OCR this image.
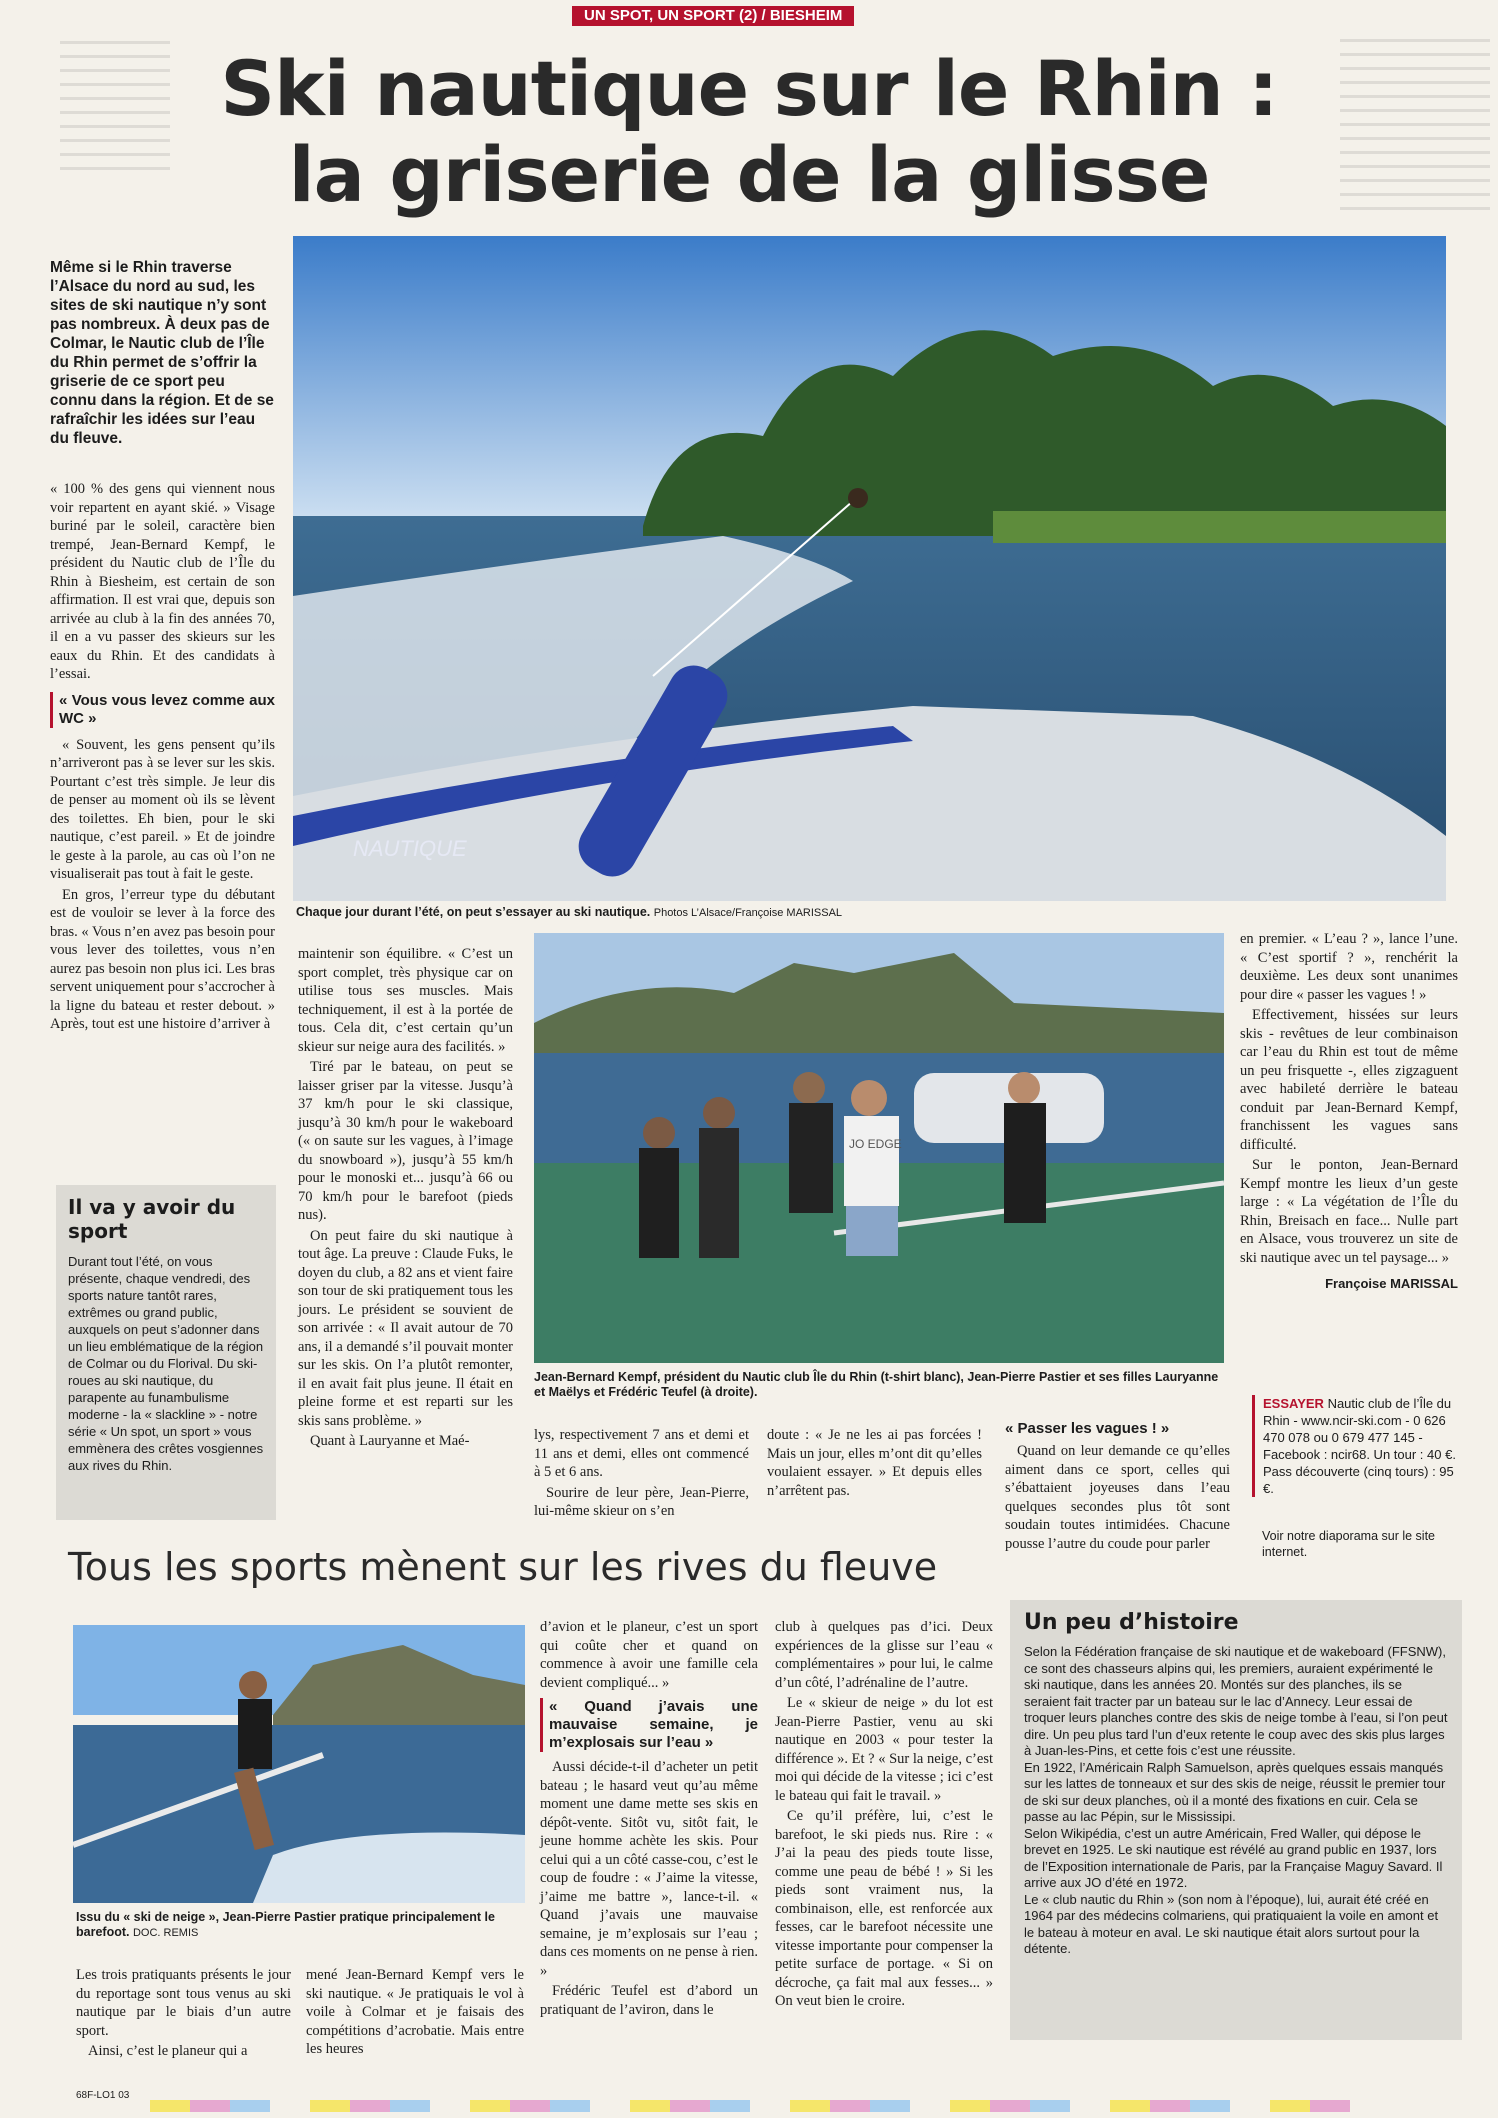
UN SPOT, UN SPORT (2) / BIESHEIM
Ski nautique sur le Rhin :
la griserie de la glisse
Même si le Rhin traverse l’Alsace du nord au sud, les sites de ski nautique n’y sont pas nombreux. À deux pas de Colmar, le Nautic club de l’Île du Rhin permet de s’offrir la griserie de ce sport peu connu dans la région. Et de se rafraîchir les idées sur l’eau du fleuve.

« 100 % des gens qui viennent nous voir repartent en ayant skié. » Visage buriné par le soleil, caractère bien trempé, Jean-Bernard Kempf, le président du Nautic club de l’Île du Rhin à Biesheim, est certain de son affirmation. Il est vrai que, depuis son arrivée au club à la fin des années 70, il en a vu passer des skieurs sur les eaux du Rhin. Et des candidats à l’essai.

« Vous vous levez comme aux WC »

« Souvent, les gens pensent qu’ils n’arriveront pas à se lever sur les skis. Pourtant c’est très simple. Je leur dis de penser au moment où ils se lèvent des toilettes. Eh bien, pour le ski nautique, c’est pareil. » Et de joindre le geste à la parole, au cas où l’on ne visualiserait pas tout à fait le geste.

En gros, l’erreur type du débutant est de vouloir se lever à la force des bras. « Vous n’en avez pas besoin pour vous lever des toilettes, vous n’en aurez pas besoin non plus ici. Les bras servent uniquement pour s’accrocher à la ligne du bateau et rester debout. » Après, tout est une histoire d’arriver à

Il va y avoir du sport
Durant tout l’été, on vous présente, chaque vendredi, des sports nature tantôt rares, extrêmes ou grand public, auxquels on peut s’adonner dans un lieu emblématique de la région de Colmar ou du Florival. Du ski-roues au ski nautique, du parapente au funambulisme moderne - la « slackline » - notre série « Un spot, un sport » vous emmènera des crêtes vosgiennes aux rives du Rhin.
NAUTIQUE
Chaque jour durant l’été, on peut s’essayer au ski nautique. Photos L’Alsace/Françoise MARISSAL

maintenir son équilibre. « C’est un sport complet, très physique car on utilise tous ses muscles. Mais techniquement, il est à la portée de tous. Cela dit, c’est certain qu’un skieur sur neige aura des facilités. »

Tiré par le bateau, on peut se laisser griser par la vitesse. Jusqu’à 37 km/h pour le ski classique, jusqu’à 30 km/h pour le wakeboard (« on saute sur les vagues, à l’image du snowboard »), jusqu’à 55 km/h pour le monoski et... jusqu’à 66 ou 70 km/h pour le barefoot (pieds nus).

On peut faire du ski nautique à tout âge. La preuve : Claude Fuks, le doyen du club, a 82 ans et vient faire son tour de ski pratiquement tous les jours. Le président se souvient de son arrivée : « Il avait autour de 70 ans, il a demandé s’il pouvait monter sur les skis. On l’a plutôt remonter, il en avait fait plus jeune. Il était en pleine forme et est reparti sur les skis sans problème. »

Quant à Lauryanne et Maé-

JO EDGE
Jean-Bernard Kempf, président du Nautic club Île du Rhin (t-shirt blanc), Jean-Pierre Pastier et ses filles Lauryanne et Maëlys et Frédéric Teufel (à droite).

lys, respectivement 7 ans et demi et 11 ans et demi, elles ont commencé à 5 et 6 ans.

Sourire de leur père, Jean-Pierre, lui-même skieur on s’en

doute : « Je ne les ai pas forcées ! Mais un jour, elles m’ont dit qu’elles voulaient essayer. » Et depuis elles n’arrêtent pas.

« Passer les vagues ! »

Quand on leur demande ce qu’elles aiment dans ce sport, celles qui s’ébattaient joyeuses dans l’eau quelques secondes plus tôt sont soudain toutes intimidées. Chacune pousse l’autre du coude pour parler

en premier. « L’eau ? », lance l’une. « C’est sportif ? », renchérit la deuxième. Les deux sont unanimes pour dire « passer les vagues ! »

Effectivement, hissées sur leurs skis - revêtues de leur combinaison car l’eau du Rhin est tout de même un peu frisquette -, elles zigzaguent avec habileté derrière le bateau conduit par Jean-Bernard Kempf, franchissent les vagues sans difficulté.

Sur le ponton, Jean-Bernard Kempf montre les lieux d’un geste large : « La végétation de l’Île du Rhin, Breisach en face... Nulle part en Alsace, vous trouverez un site de ski nautique avec un tel paysage... »

Françoise MARISSAL
ESSAYER Nautic club de l’Île du Rhin - www.ncir-ski.com - 0 626 470 078 ou 0 679 477 145 - Facebook : ncir68. Un tour : 40 €. Pass découverte (cinq tours) : 95 €.
Voir notre diaporama sur le site internet.
Tous les sports mènent sur les rives du fleuve
Issu du « ski de neige », Jean-Pierre Pastier pratique principalement le barefoot. DOC. REMIS

Les trois pratiquants présents le jour du reportage sont tous venus au ski nautique par le biais d’un autre sport.

Ainsi, c’est le planeur qui a

mené Jean-Bernard Kempf vers le ski nautique. « Je pratiquais le vol à voile à Colmar et je faisais des compétitions d’acrobatie. Mais entre les heures

d’avion et le planeur, c’est un sport qui coûte cher et quand on commence à avoir une famille cela devient compliqué... »

« Quand j’avais une mauvaise semaine, je m’explosais sur l’eau »

Aussi décide-t-il d’acheter un petit bateau ; le hasard veut qu’au même moment une dame mette ses skis en dépôt-vente. Sitôt vu, sitôt fait, le jeune homme achète les skis. Pour celui qui a un côté casse-cou, c’est le coup de foudre : « J’aime la vitesse, j’aime me battre », lance-t-il. « Quand j’avais une mauvaise semaine, je m’explosais sur l’eau ; dans ces moments on ne pense à rien. »

Frédéric Teufel est d’abord un pratiquant de l’aviron, dans le

club à quelques pas d’ici. Deux expériences de la glisse sur l’eau « complémentaires » pour lui, le calme d’un côté, l’adrénaline de l’autre.

Le « skieur de neige » du lot est Jean-Pierre Pastier, venu au ski nautique en 2003 « pour tester la différence ». Et ? « Sur la neige, c’est moi qui décide de la vitesse ; ici c’est le bateau qui fait le travail. »

Ce qu’il préfère, lui, c’est le barefoot, le ski pieds nus. Rire : « J’ai la peau des pieds toute lisse, comme une peau de bébé ! » Si les pieds sont vraiment nus, la combinaison, elle, est renforcée aux fesses, car le barefoot nécessite une vitesse importante pour compenser la petite surface de portage. « Si on décroche, ça fait mal aux fesses... » On veut bien le croire.

Un peu d’histoire
Selon la Fédération française de ski nautique et de wakeboard (FFSNW), ce sont des chasseurs alpins qui, les premiers, auraient expérimenté le ski nautique, dans les années 20. Montés sur des planches, ils se seraient fait tracter par un bateau sur le lac d’Annecy. Leur essai de troquer leurs planches contre des skis de neige tombe à l’eau, si l’on peut dire. Un peu plus tard l’un d’eux retente le coup avec des skis plus larges à Juan-les-Pins, et cette fois c’est une réussite.
En 1922, l’Américain Ralph Samuelson, après quelques essais manqués sur les lattes de tonneaux et sur des skis de neige, réussit le premier tour de ski sur deux planches, où il a monté des fixations en cuir. Cela se passe au lac Pépin, sur le Mississipi.
Selon Wikipédia, c’est un autre Américain, Fred Waller, qui dépose le brevet en 1925. Le ski nautique est révélé au grand public en 1937, lors de l’Exposition internationale de Paris, par la Française Maguy Savard. Il arrive aux JO d’été en 1972.
Le « club nautic du Rhin » (son nom à l’époque), lui, aurait été créé en 1964 par des médecins colmariens, qui pratiquaient la voile en amont et le bateau à moteur en aval. Le ski nautique était alors surtout pour la détente.
68F-LO1 03
